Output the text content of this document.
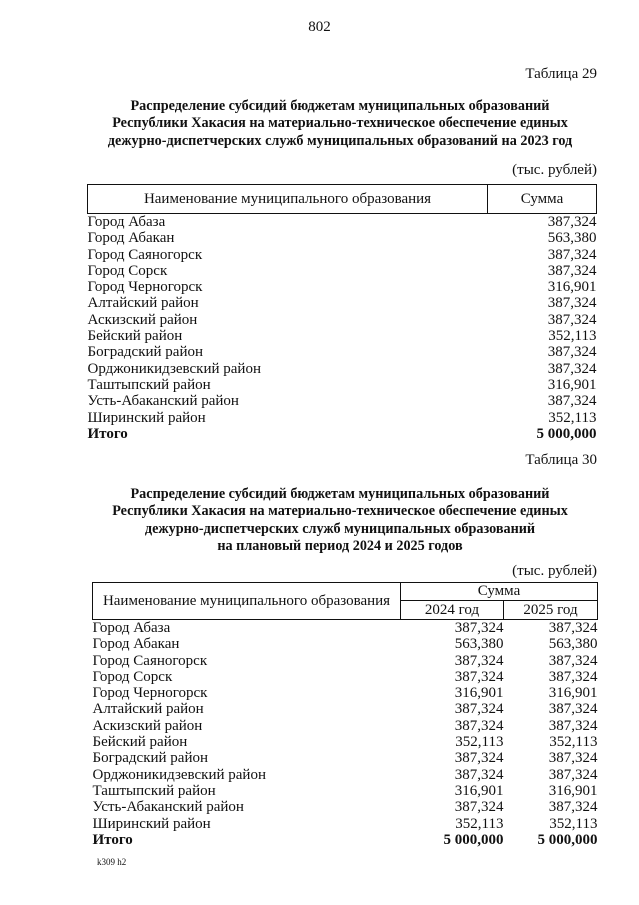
802
Таблица 29
Распределение субсидий бюджетам муниципальных образований
Республики Хакасия на материально-техническое обеспечение единых
дежурно-диспетчерских служб муниципальных образований на 2023 год
(тыс. рублей)
Наименование муниципального образования	Сумма
Город Абаза	387,324
Город Абакан	563,380
Город Саяногорск	387,324
Город Сорск	387,324
Город Черногорск	316,901
Алтайский район	387,324
Аскизский район	387,324
Бейский район	352,113
Боградский район	387,324
Орджоникидзевский район	387,324
Таштыпский район	316,901
Усть-Абаканский район	387,324
Ширинский район	352,113
Итого	5 000,000
Таблица 30
Распределение субсидий бюджетам муниципальных образований
Республики Хакасия на материально-техническое обеспечение единых
дежурно-диспетчерских служб муниципальных образований
на плановый период 2024 и 2025 годов
(тыс. рублей)
Наименование муниципального образования	Сумма	
	2024 год	2025 год
Город Абаза	387,324	387,324
Город Абакан	563,380	563,380
Город Саяногорск	387,324	387,324
Город Сорск	387,324	387,324
Город Черногорск	316,901	316,901
Алтайский район	387,324	387,324
Аскизский район	387,324	387,324
Бейский район	352,113	352,113
Боградский район	387,324	387,324
Орджоникидзевский район	387,324	387,324
Таштыпский район	316,901	316,901
Усть-Абаканский район	387,324	387,324
Ширинский район	352,113	352,113
Итого	5 000,000	5 000,000
k309 h2
